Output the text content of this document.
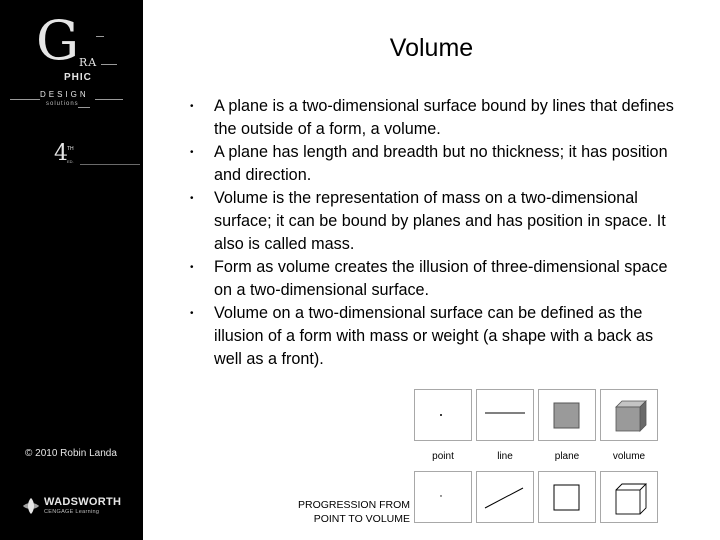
G RA
PHIC
DESIGN
solutions
4 TH
ED.
© 2010 Robin Landa
WADSWORTH
CENGAGE Learning
Volume
• A plane is a two-dimensional surface bound by lines that defines the outside of a form, a volume.
• A plane has length and breadth but no thickness; it has position and direction.
• Volume is the representation of mass on a two-dimensional surface; it can be bound by planes and has position in space. It also is called mass.
• Form as volume creates the illusion of three-dimensional space on a two-dimensional surface.
• Volume on a two-dimensional surface can be defined as the illusion of a form with mass or weight (a shape with a back as well as a front).
point	line	plane	volume
PROGRESSION FROM
POINT TO VOLUME
